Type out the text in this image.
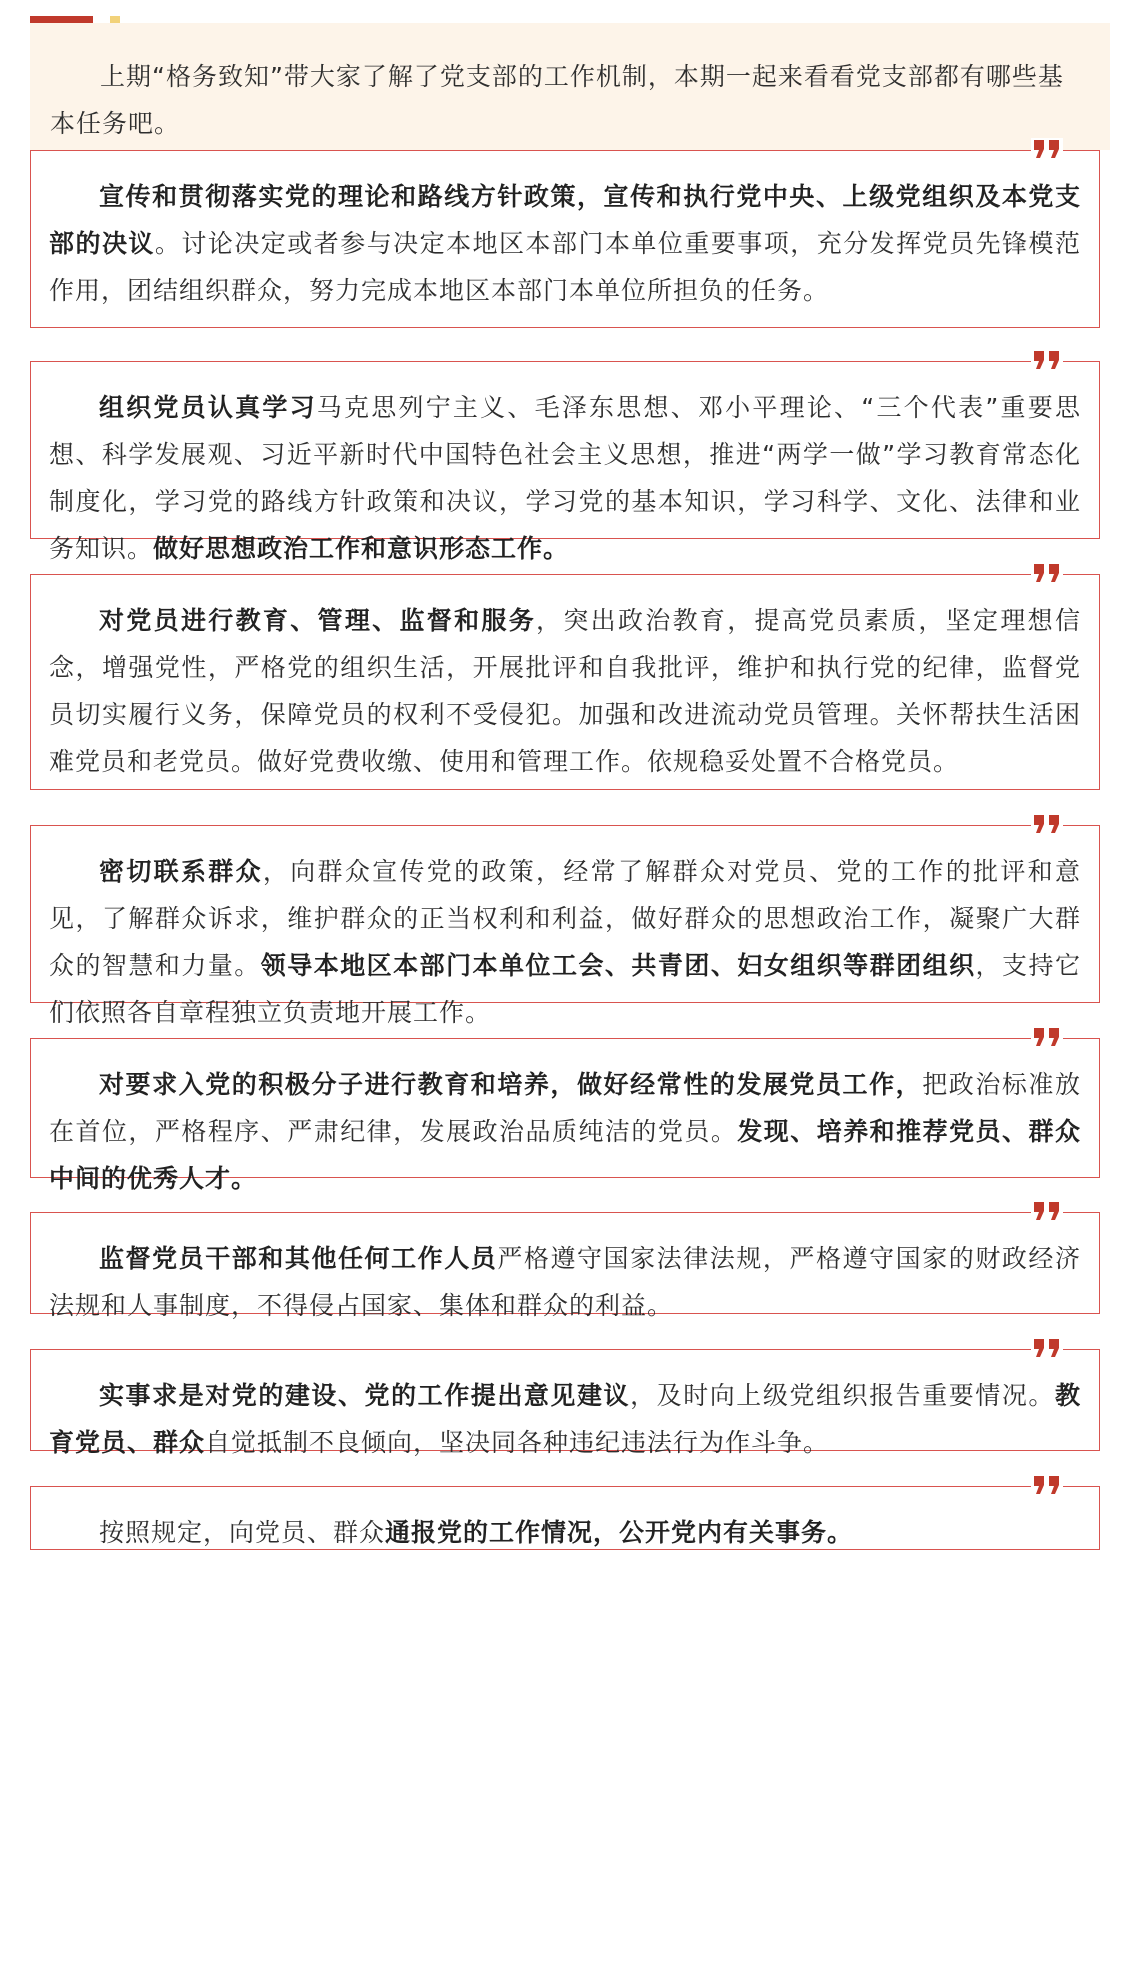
上期“格务致知”带大家了解了党支部的工作机制，本期一起来看看党支部都有哪些基本任务吧。

宣传和贯彻落实党的理论和路线方针政策，宣传和执行党中央、上级党组织及本党支部的决议。讨论决定或者参与决定本地区本部门本单位重要事项，充分发挥党员先锋模范作用，团结组织群众，努力完成本地区本部门本单位所担负的任务。

组织党员认真学习马克思列宁主义、毛泽东思想、邓小平理论、“三个代表”重要思想、科学发展观、习近平新时代中国特色社会主义思想，推进“两学一做”学习教育常态化制度化，学习党的路线方针政策和决议，学习党的基本知识，学习科学、文化、法律和业务知识。做好思想政治工作和意识形态工作。

对党员进行教育、管理、监督和服务，突出政治教育，提高党员素质，坚定理想信念，增强党性，严格党的组织生活，开展批评和自我批评，维护和执行党的纪律，监督党员切实履行义务，保障党员的权利不受侵犯。加强和改进流动党员管理。关怀帮扶生活困难党员和老党员。做好党费收缴、使用和管理工作。依规稳妥处置不合格党员。

密切联系群众，向群众宣传党的政策，经常了解群众对党员、党的工作的批评和意见，了解群众诉求，维护群众的正当权利和利益，做好群众的思想政治工作，凝聚广大群众的智慧和力量。领导本地区本部门本单位工会、共青团、妇女组织等群团组织，支持它们依照各自章程独立负责地开展工作。

对要求入党的积极分子进行教育和培养，做好经常性的发展党员工作，把政治标准放在首位，严格程序、严肃纪律，发展政治品质纯洁的党员。发现、培养和推荐党员、群众中间的优秀人才。

监督党员干部和其他任何工作人员严格遵守国家法律法规，严格遵守国家的财政经济法规和人事制度，不得侵占国家、集体和群众的利益。

实事求是对党的建设、党的工作提出意见建议，及时向上级党组织报告重要情况。教育党员、群众自觉抵制不良倾向，坚决同各种违纪违法行为作斗争。

按照规定，向党员、群众通报党的工作情况，公开党内有关事务。
